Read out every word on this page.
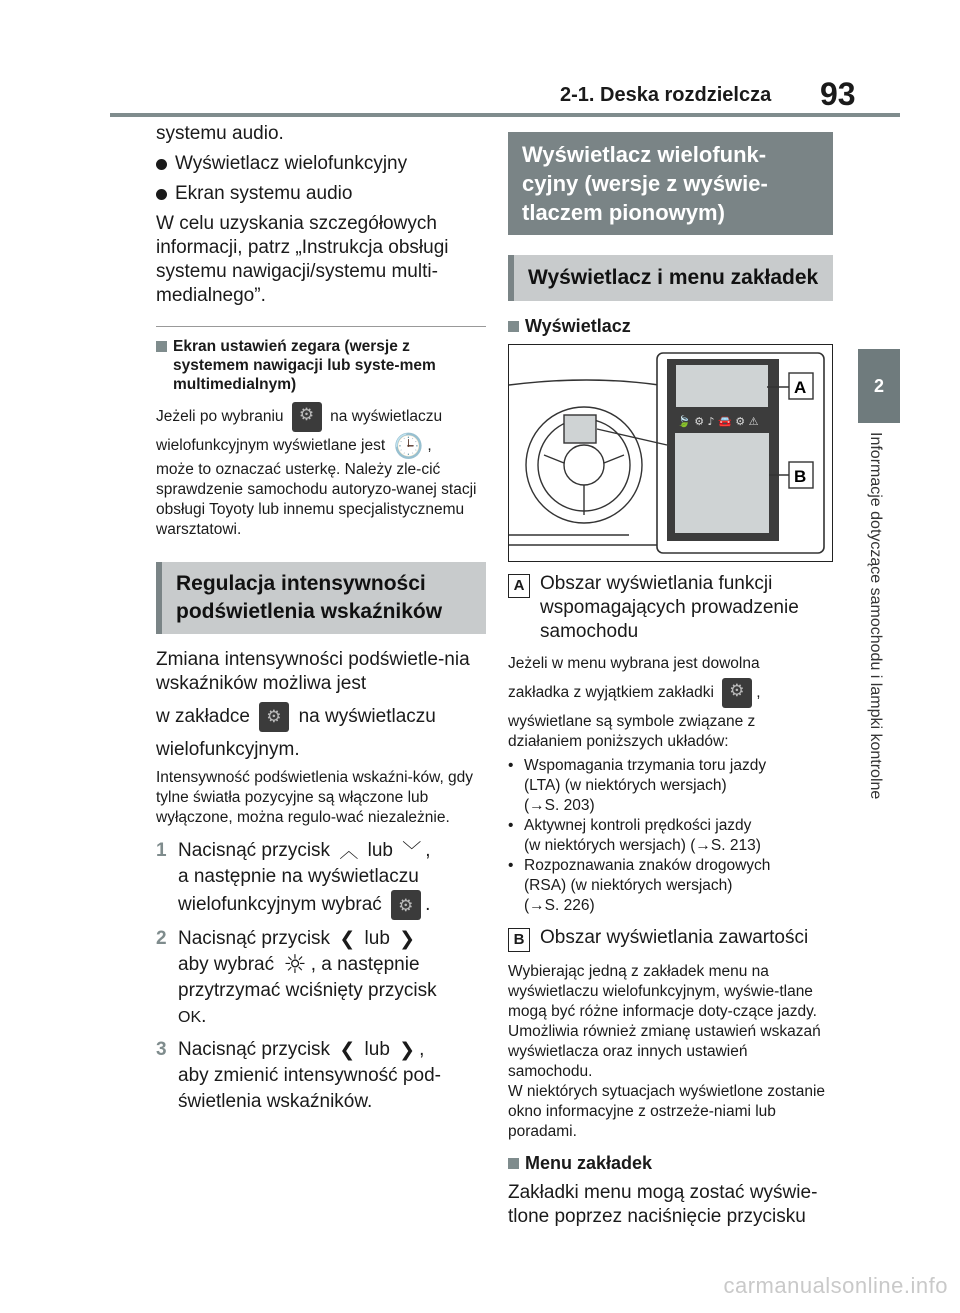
2-1. Deska rozdzielcza 93
2
Informacje dotyczące samochodu i lampki kontrolne

systemu audio.

Wyświetlacz wielofunkcyjny
Ekran systemu audio

W celu uzyskania szczegółowych informacji, patrz „Instrukcja obsługi systemu nawigacji/systemu multi-medialnego”.

Ekran ustawień zegara (wersje z systemem nawigacji lub syste-mem multimedialnym)

Jeżeli po wybraniu ⚙	na wyświetlaczu

wielofunkcyjnym wyświetlane jest 🕒 ,

może to oznaczać usterkę. Należy zle-cić sprawdzenie samochodu autoryzo-wanej stacji obsługi Toyoty lub innemu specjalistycznemu warsztatowi.

Regulacja intensywności podświetlenia wskaźników

Zmiana intensywności podświetle-nia wskaźników możliwa jest

w zakładce ⚙	na wyświetlaczu

wielofunkcyjnym.

Intensywność podświetlenia wskaźni-ków, gdy tylne światła pozycyjne są włączone lub wyłączone, można regulo-wać niezależnie.

1 Nacisnąć przycisk ︿ lub ﹀ ,
a następnie na wyświetlaczu
wielofunkcyjnym wybrać ⚙ .
2 Nacisnąć przycisk ❮ lub ❯
aby wybrać ☼ , a następnie
przytrzymać wciśnięty przycisk
OK.
3 Nacisnąć przycisk ❮ lub ❯ ,
aby zmienić intensywność pod-świetlenia wskaźników.
Wyświetlacz wielofunk-cyjny (wersje z wyświe-tlaczem pionowym)
Wyświetlacz i menu zakładek
Wyświetlacz
🍃 ⚙ ♪ 🚘 ⚙ ⚠
A
B
A Obszar wyświetlania funkcji wspomagających prowadzenie samochodu

Jeżeli w menu wybrana jest dowolna

zakładka z wyjątkiem zakładki ⚙	,

wyświetlane są symbole związane z działaniem poniższych układów:

• Wspomagania trzymania toru jazdy
(LTA) (w niektórych wersjach)
(→S. 203)
• Aktywnej kontroli prędkości jazdy
(w niektórych wersjach) (→S. 213)
• Rozpoznawania znaków drogowych
(RSA) (w niektórych wersjach)
(→S. 226)
B Obszar wyświetlania zawartości

Wybierając jedną z zakładek menu na wyświetlaczu wielofunkcyjnym, wyświe-tlane mogą być różne informacje doty-czące jazdy. Umożliwia również zmianę ustawień wskazań wyświetlacza oraz innych ustawień samochodu.

W niektórych sytuacjach wyświetlone zostanie okno informacyjne z ostrzeże-niami lub poradami.

Menu zakładek

Zakładki menu mogą zostać wyświe-tlone poprzez naciśnięcie przycisku

carmanualsonline.info
